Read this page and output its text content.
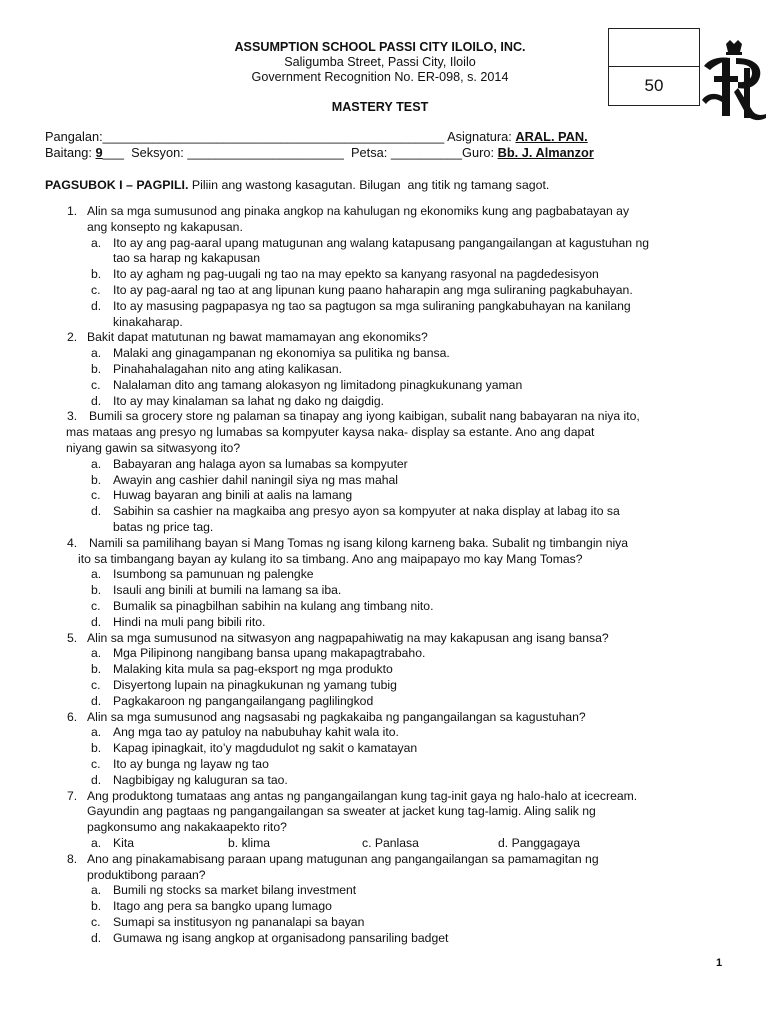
ASSUMPTION SCHOOL PASSI CITY ILOILO, INC.
Saligumba Street, Passi City, Iloilo
Government Recognition No. ER-098, s. 2014
MASTERY TEST
50
Pangalan:________________________________________________ Asignatura: ARAL. PAN.
Baitang: 9___  Seksyon: ______________________  Petsa: __________Guro: Bb. J. Almanzor
PAGSUBOK I – PAGPILI. Piliin ang wastong kasagutan. Bilugan  ang titik ng tamang sagot.
1. Alin sa mga sumusunod ang pinaka angkop na kahulugan ng ekonomiks kung ang pagbabatayan ay
ang konsepto ng kakapusan.
a. Ito ay ang pag-aaral upang matugunan ang walang katapusang pangangailangan at kagustuhan ng
tao sa harap ng kakapusan
b. Ito ay agham ng pag-uugali ng tao na may epekto sa kanyang rasyonal na pagdedesisyon
c. Ito ay pag-aaral ng tao at ang lipunan kung paano haharapin ang mga suliraning pagkabuhayan.
d. Ito ay masusing pagpapasya ng tao sa pagtugon sa mga suliraning pangkabuhayan na kanilang
kinakaharap.
2. Bakit dapat matutunan ng bawat mamamayan ang ekonomiks?
a. Malaki ang ginagampanan ng ekonomiya sa pulitika ng bansa.
b. Pinahahalagahan nito ang ating kalikasan.
c. Nalalaman dito ang tamang alokasyon ng limitadong pinagkukunang yaman
d. Ito ay may kinalaman sa lahat ng dako ng daigdig.
3. Bumili sa grocery store ng palaman sa tinapay ang iyong kaibigan, subalit nang babayaran na niya ito,
mas mataas ang presyo ng lumabas sa kompyuter kaysa naka- display sa estante. Ano ang dapat
niyang gawin sa sitwasyong ito?
a. Babayaran ang halaga ayon sa lumabas sa kompyuter
b. Awayin ang cashier dahil naningil siya ng mas mahal
c. Huwag bayaran ang binili at aalis na lamang
d. Sabihin sa cashier na magkaiba ang presyo ayon sa kompyuter at naka display at labag ito sa
batas ng price tag.
4. Namili sa pamilihang bayan si Mang Tomas ng isang kilong karneng baka. Subalit ng timbangin niya
ito sa timbangang bayan ay kulang ito sa timbang. Ano ang maipapayo mo kay Mang Tomas?
a. Isumbong sa pamunuan ng palengke
b. Isauli ang binili at bumili na lamang sa iba.
c. Bumalik sa pinagbilhan sabihin na kulang ang timbang nito.
d. Hindi na muli pang bibili rito.
5. Alin sa mga sumusunod na sitwasyon ang nagpapahiwatig na may kakapusan ang isang bansa?
a. Mga Pilipinong nangibang bansa upang makapagtrabaho.
b. Malaking kita mula sa pag-eksport ng mga produkto
c. Disyertong lupain na pinagkukunan ng yamang tubig
d. Pagkakaroon ng pangangailangang paglilingkod
6. Alin sa mga sumusunod ang nagsasabi ng pagkakaiba ng pangangailangan sa kagustuhan?
a. Ang mga tao ay patuloy na nabubuhay kahit wala ito.
b. Kapag ipinagkait, ito’y magdudulot ng sakit o kamatayan
c. Ito ay bunga ng layaw ng tao
d. Nagbibigay ng kaluguran sa tao.
7. Ang produktong tumataas ang antas ng pangangailangan kung tag-init gaya ng halo-halo at icecream.
Gayundin ang pagtaas ng pangangailangan sa sweater at jacket kung tag-lamig. Aling salik ng
pagkonsumo ang nakakaapekto rito?
a. Kita	b. klima	c. Panlasa	d. Panggagaya
8. Ano ang pinakamabisang paraan upang matugunan ang pangangailangan sa pamamagitan ng
produktibong paraan?
a. Bumili ng stocks sa market bilang investment
b. Itago ang pera sa bangko upang lumago
c. Sumapi sa institusyon ng pananalapi sa bayan
d. Gumawa ng isang angkop at organisadong pansariling badget
1
